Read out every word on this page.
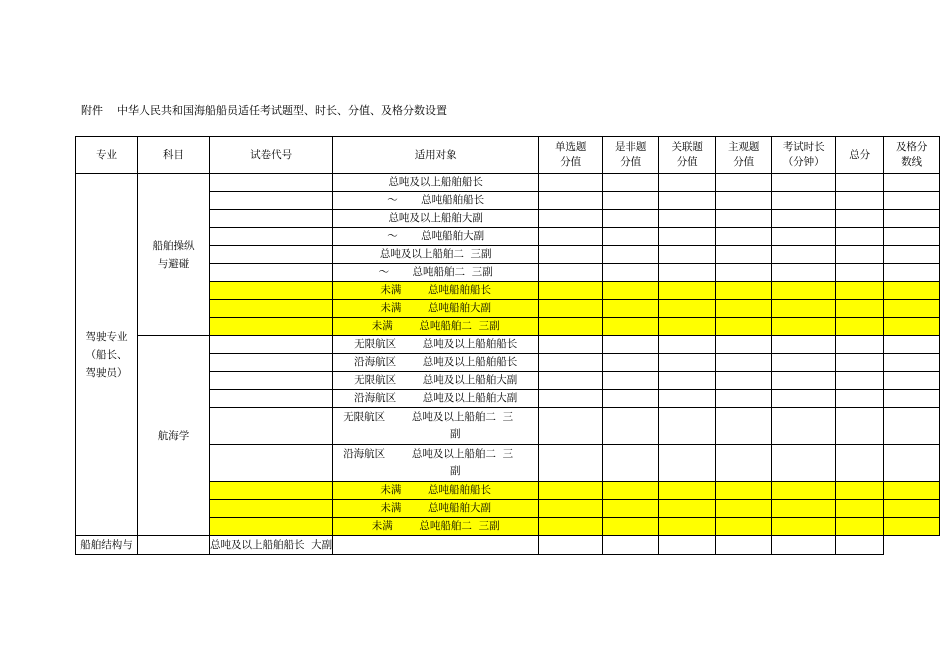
附件    中华人民共和国海船船员适任考试题型、时长、分值、及格分数设置
专业	科目	试卷代号	适用对象	单选题分值	是非题分值	关联题分值	主观题分值	考试时长（分钟）	总分	及格分数线

驾驶专业（船长、驾驶员）	船舶操纵与避碰		总吨及以上船舶船长							
			～       总吨船舶船长							
			总吨及以上船舶大副							
			～       总吨船舶大副							
			总吨及以上船舶二  三副							
			～       总吨船舶二  三副							
			未满        总吨船舶船长							
			未满        总吨船舶大副							
			未满        总吨船舶二  三副							

	航海学		无限航区        总吨及以上船舶船长							
			沿海航区        总吨及以上船舶船长							
			无限航区        总吨及以上船舶大副							
			沿海航区        总吨及以上船舶大副							

			无限航区        总吨及以上船舶二  三
副							

			沿海航区        总吨及以上船舶二  三
副							

			未满        总吨船舶船长							
			未满        总吨船舶大副							
			未满        总吨船舶二  三副							

船舶结构与		总吨及以上船舶船长  大副								
